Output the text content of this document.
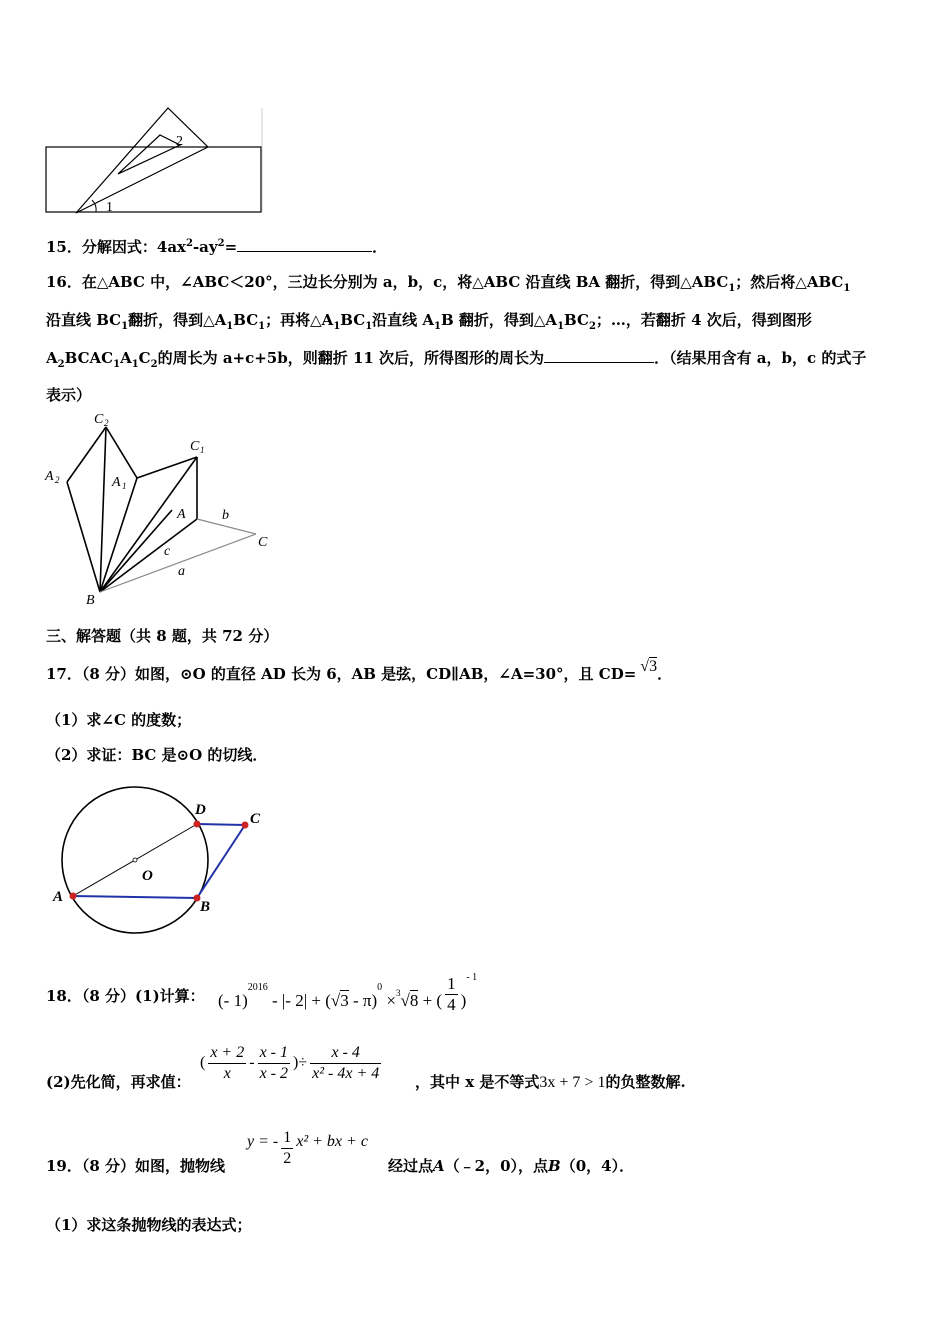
2
1
15．分解因式：$4ax^2-ay^2=$	．
16．在△ABC 中，∠ABC＜20°，三边长分别为 a，b，c，将△ABC 沿直线 BA 翻折，得到$\triangle ABC_1$；然后将$\triangle ABC_1$
沿直线 $BC_1$翻折，得到$\triangle A_1BC_1$；再将$\triangle A_1BC_1$沿直线 $A_1B$ 翻折，得到$\triangle A_1BC_2$；…，若翻折 4 次后，得到图形
$A_2BCAC_1A_1C_2$的周长为 a+c+5b，则翻折 11 次后，所得图形的周长为	．（结果用含有 a，b，c 的式子
表示）
C 2
C 1
A 2	A 1
A	b
C
c
a
B
三、解答题（共 8 题，共 72 分）
17．（8 分）如图，⊙O 的直径 AD 长为 6，AB 是弦，CD∥AB，∠A=30°，且 CD= √3．
（1）求∠C 的度数；
（2）求证：BC 是⊙O 的切线．
D
C
O
A
B
18．（8 分）(1)计算： (- 1)$^{2016}$ - |- 2| + (√3 - π)$^0$ ×$^3$√8 + ( $\frac{1}{4} )^{- 1}$
(2)先化简，再求值：
( $\frac{x + 2}{x} - \frac{x - 1}{x - 2}$ )÷ $\frac{x - 4}{\text{x² - 4x + 4}}$ ，其中 x 是不等式3x + 7 > 1的负整数解.
19．（8 分）如图，抛物线
y = - $\frac{1}{2} x^2$ + bx + c
经过点A（﹣2，0），点B（0，4）．
（1）求这条抛物线的表达式；
